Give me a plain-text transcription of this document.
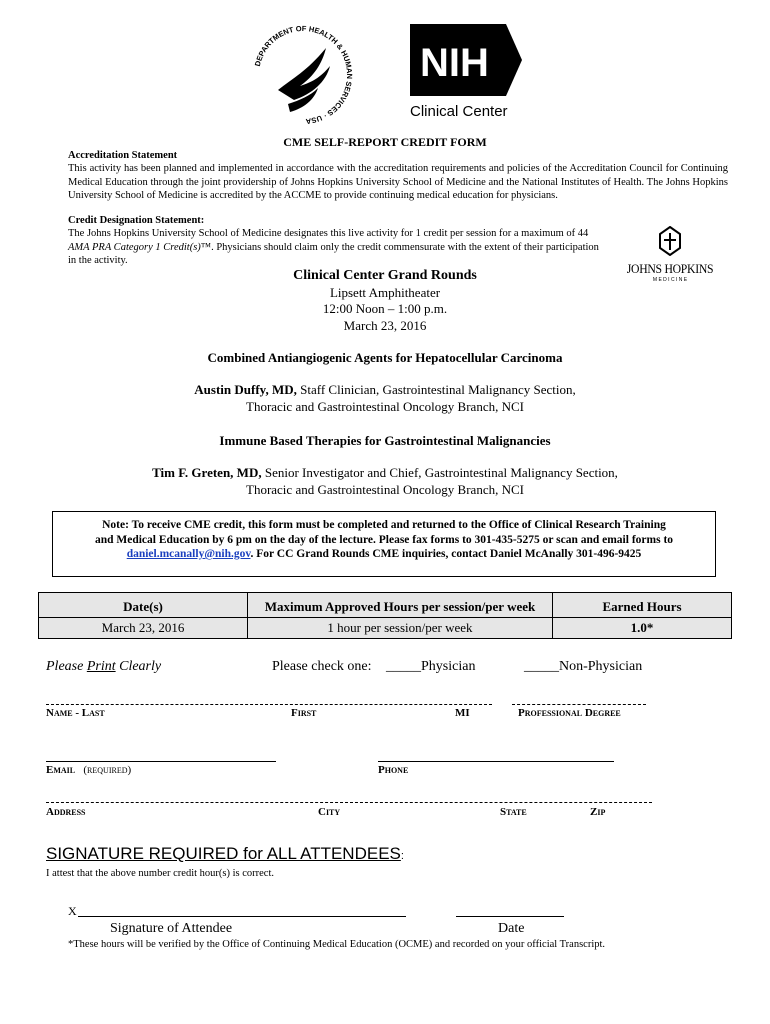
DEPARTMENT OF HEALTH & HUMAN SERVICES · USA
NIH
Clinical Center
CME SELF-REPORT CREDIT FORM
Accreditation Statement
This activity has been planned and implemented in accordance with the accreditation requirements and policies of the Accreditation Council for Continuing Medical Education through the joint providership of Johns Hopkins University School of Medicine and the National Institutes of Health. The Johns Hopkins University School of Medicine is accredited by the ACCME to provide continuing medical education for physicians.
Credit Designation Statement:
The Johns Hopkins University School of Medicine designates this live activity for 1 credit per session for a maximum of 44 AMA PRA Category 1 Credit(s)™. Physicians should claim only the credit commensurate with the extent of their participation in the activity.
JOHNS HOPKINS
M E D I C I N E
Clinical Center Grand Rounds
Lipsett Amphitheater
12:00 Noon – 1:00 p.m.
March 23, 2016
Combined Antiangiogenic Agents for Hepatocellular Carcinoma
Austin Duffy, MD, Staff Clinician, Gastrointestinal Malignancy Section,
Thoracic and Gastrointestinal Oncology Branch, NCI
Immune Based Therapies for Gastrointestinal Malignancies
Tim F. Greten, MD, Senior Investigator and Chief, Gastrointestinal Malignancy Section,
Thoracic and Gastrointestinal Oncology Branch, NCI
Note: To receive CME credit, this form must be completed and returned to the Office of Clinical Research Training
and Medical Education by 6 pm on the day of the lecture. Please fax forms to 301-435-5275 or scan and email forms to
daniel.mcanally@nih.gov. For CC Grand Rounds CME inquiries, contact Daniel McAnally 301-496-9425
Date(s)	Maximum Approved Hours per session/per week	Earned Hours
March 23, 2016	1 hour per session/per week	1.0*
Please Print Clearly	Please check one: _____Physician	_____Non-Physician
Name - Last	First	MI	Professional Degree
Email (required)	Phone
Address	City	State	Zip
SIGNATURE REQUIRED for ALL ATTENDEES:
I attest that the above number credit hour(s) is correct.
X
Signature of Attendee	Date
*These hours will be verified by the Office of Continuing Medical Education (OCME) and recorded on your official Transcript.
